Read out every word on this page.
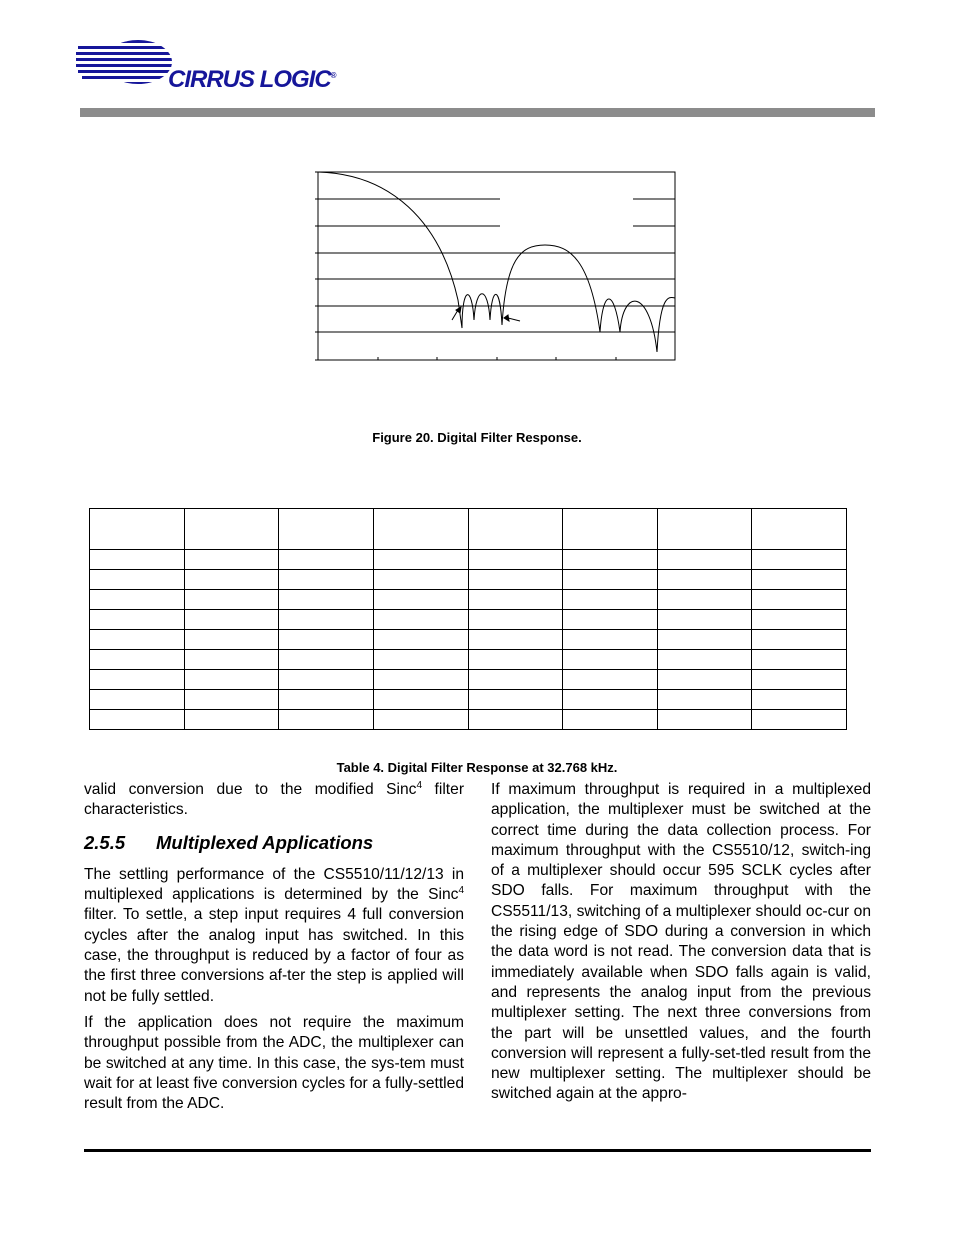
CIRRUS LOGIC®
Figure 20. Digital Filter Response.

Table 4. Digital Filter Response at 32.768 kHz.

valid conversion due to the modified Sinc$^4$ filter characteristics.

2.5.5 Multiplexed Applications

The settling performance of the CS5510/11/12/13 in multiplexed applications is determined by the Sinc$^4$ filter. To settle, a step input requires 4 full conversion cycles after the analog input has switched. In this case, the throughput is reduced by a factor of four as the first three conversions af-ter the step is applied will not be fully settled.

If the application does not require the maximum throughput possible from the ADC, the multiplexer can be switched at any time. In this case, the sys-tem must wait for at least five conversion cycles for a fully-settled result from the ADC.

If maximum throughput is required in a multiplexed application, the multiplexer must be switched at the correct time during the data collection process. For maximum throughput with the CS5510/12, switch-ing of a multiplexer should occur 595 SCLK cycles after SDO falls. For maximum throughput with the CS5511/13, switching of a multiplexer should oc-cur on the rising edge of SDO during a conversion in which the data word is not read. The conversion data that is immediately available when SDO falls again is valid, and represents the analog input from the previous multiplexer setting. The next three conversions from the part will be unsettled values, and the fourth conversion will represent a fully-set-tled result from the new multiplexer setting. The multiplexer should be switched again at the appro-
